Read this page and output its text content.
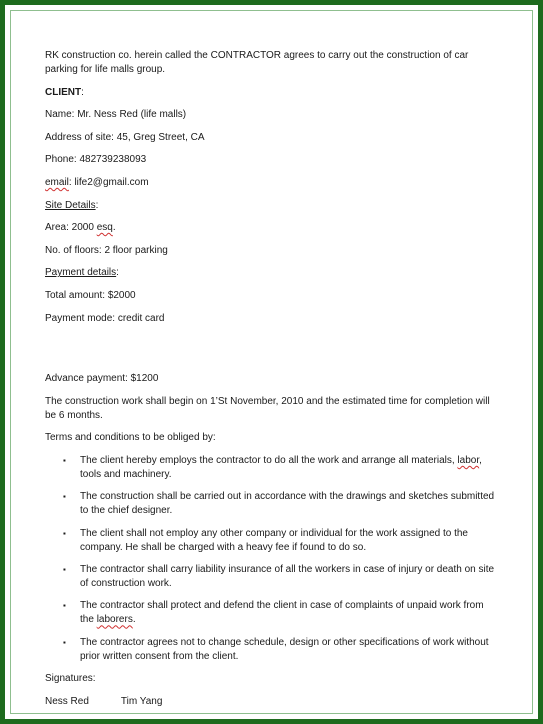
RK construction co. herein called the CONTRACTOR agrees to carry out the construction of car parking for life malls group.

CLIENT:

Name: Mr. Ness Red (life malls)

Address of site: 45, Greg Street, CA

Phone: 482739238093

email: life2@gmail.com

Site Details:

Area: 2000 esq.

No. of floors: 2 floor parking

Payment details:

Total amount: $2000

Payment mode: credit card

Advance payment: $1200

The construction work shall begin on 1’St November, 2010 and the estimated time for completion will be 6 months.

Terms and conditions to be obliged by:

▪ The client hereby employs the contractor to do all the work and arrange all materials, labor, tools and machinery.
▪ The construction shall be carried out in accordance with the drawings and sketches submitted to the chief designer.
▪ The client shall not employ any other company or individual for the work assigned to the company. He shall be charged with a heavy fee if found to do so.
▪ The contractor shall carry liability insurance of all the workers in case of injury or death on site of construction work.
▪ The contractor shall protect and defend the client in case of complaints of unpaid work from the laborers.
▪ The contractor agrees not to change schedule, design or other specifications of work without prior written consent from the client.

Signatures:

Ness Red	Tim Yang
